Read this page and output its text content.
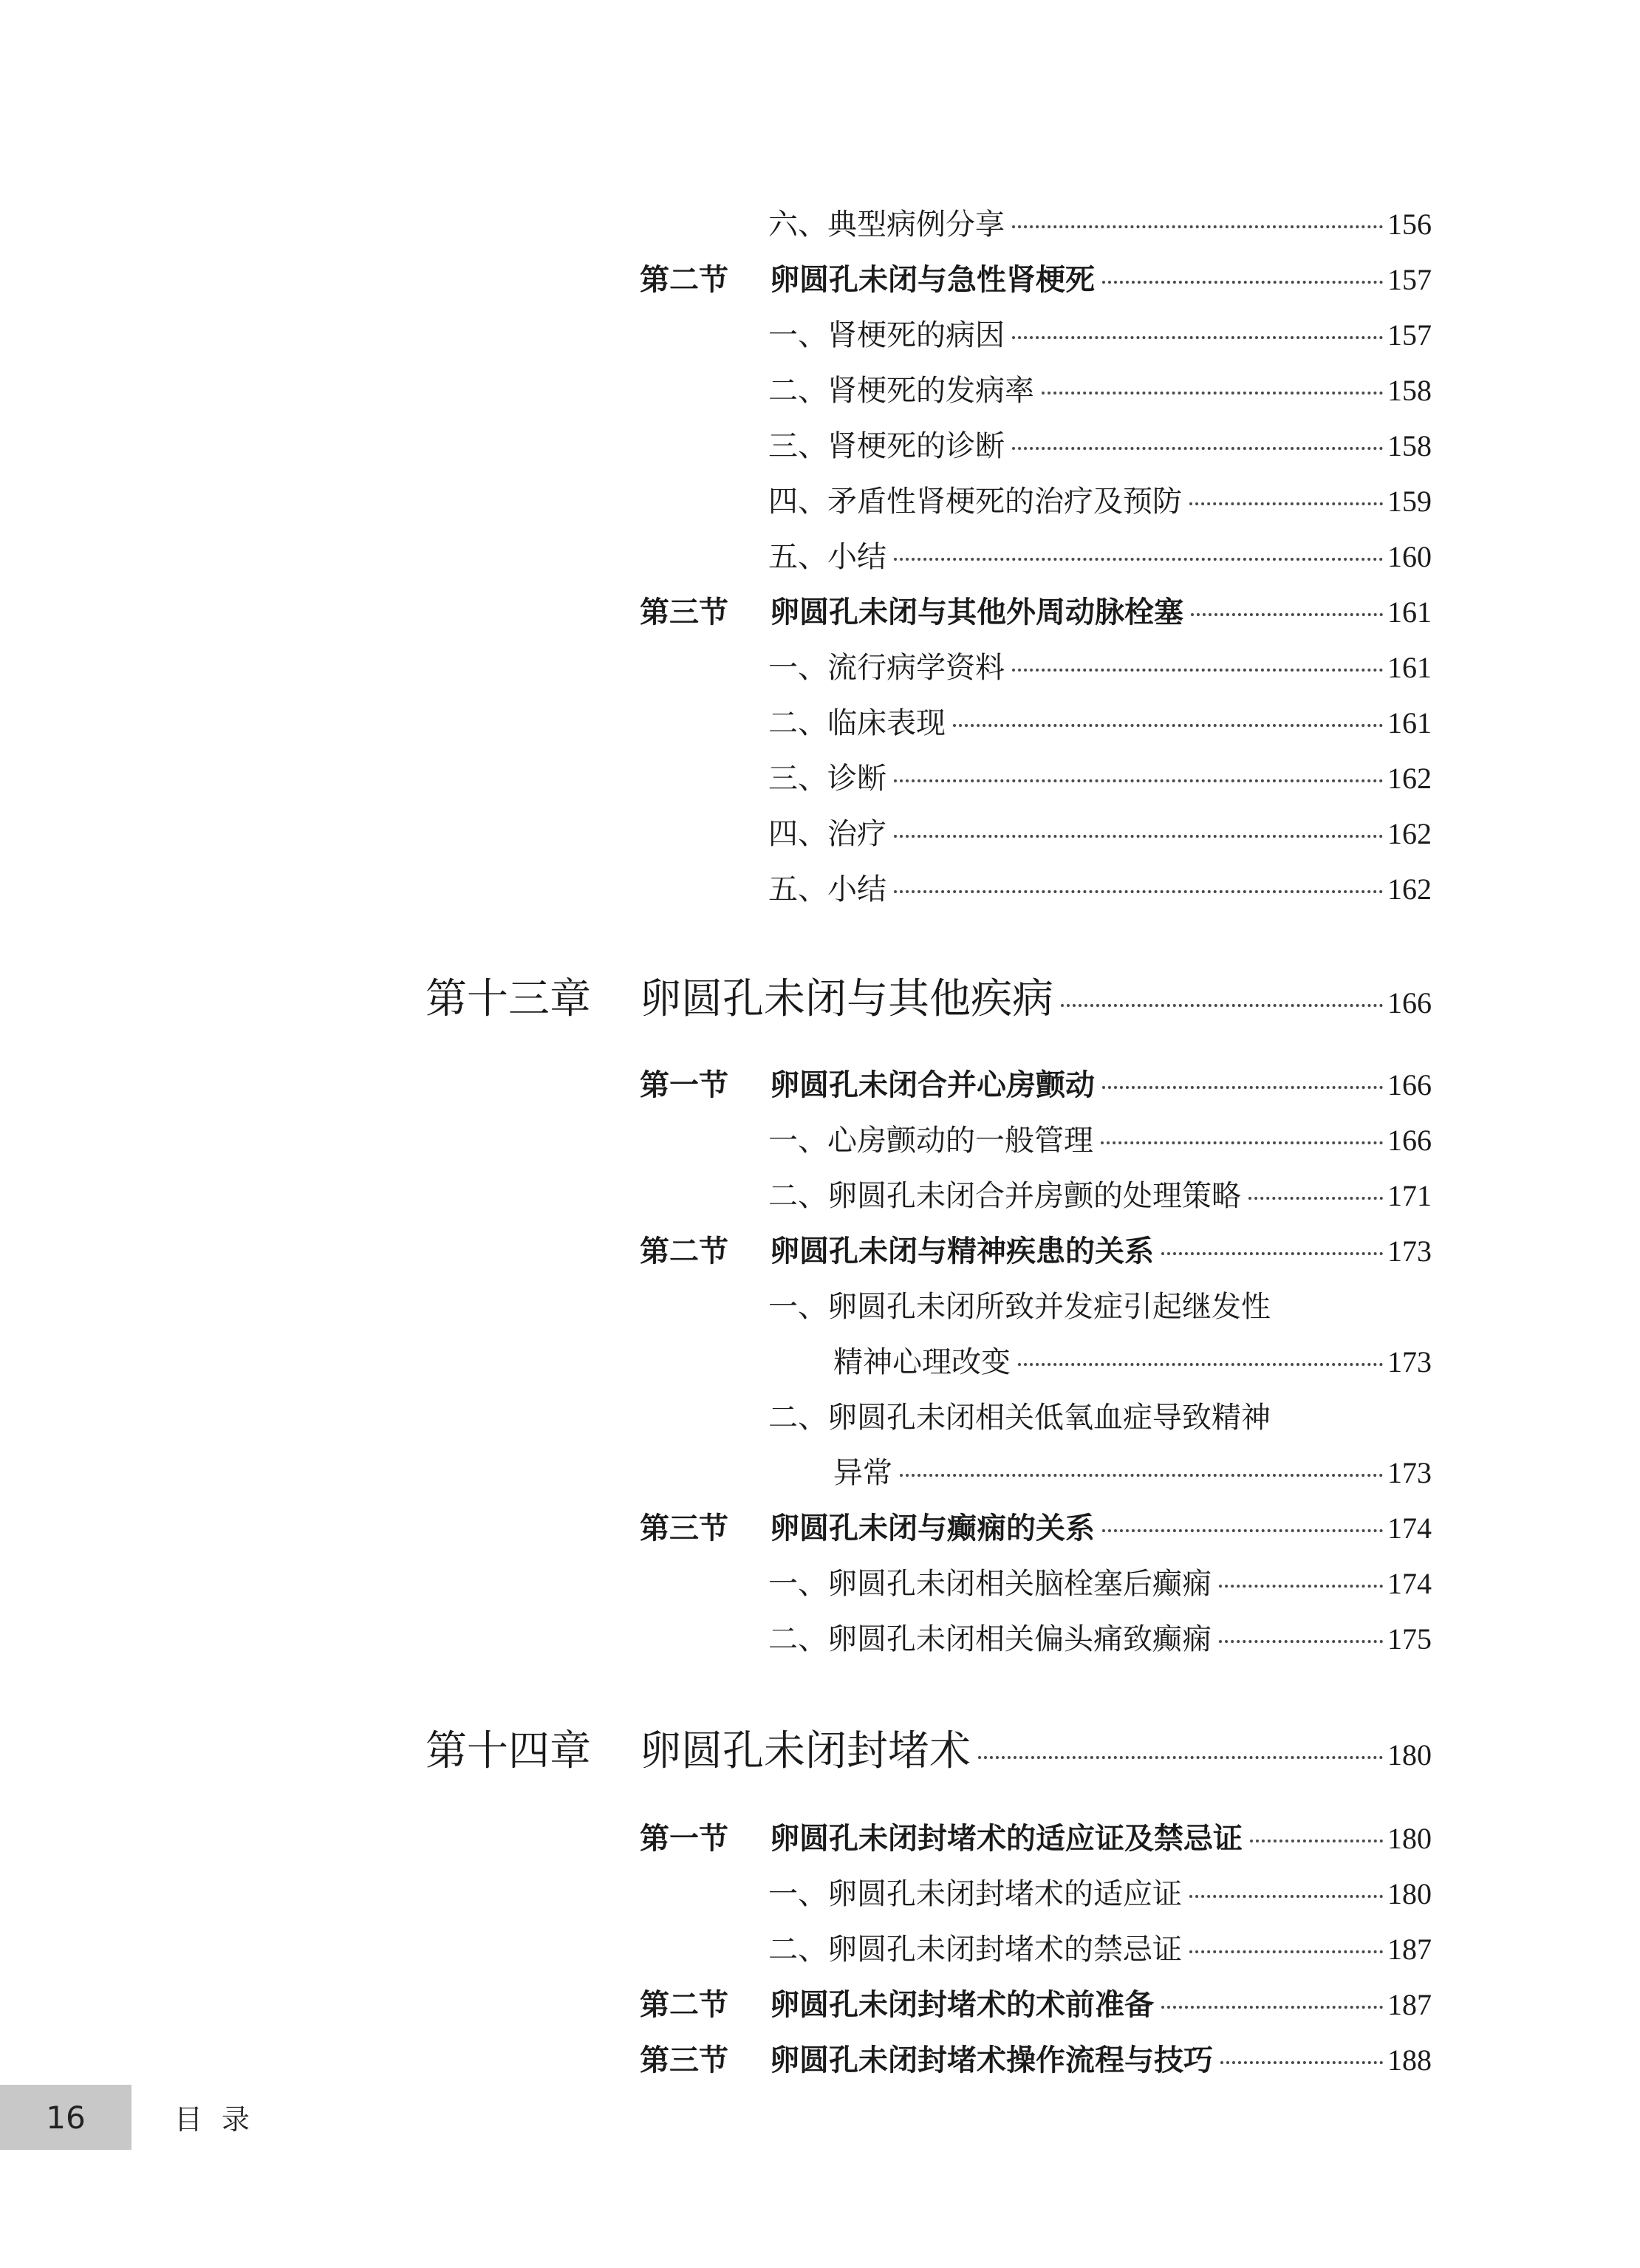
六、典型病例分享	156
第二节 卵圆孔未闭与急性肾梗死	157
一、肾梗死的病因	157
二、肾梗死的发病率	158
三、肾梗死的诊断	158
四、矛盾性肾梗死的治疗及预防	159
五、小结	160
第三节 卵圆孔未闭与其他外周动脉栓塞	161
一、流行病学资料	161
二、临床表现	161
三、诊断	162
四、治疗	162
五、小结	162
第十三章 卵圆孔未闭与其他疾病	166
第一节 卵圆孔未闭合并心房颤动	166
一、心房颤动的一般管理	166
二、卵圆孔未闭合并房颤的处理策略	171
第二节 卵圆孔未闭与精神疾患的关系	173
一、卵圆孔未闭所致并发症引起继发性
精神心理改变	173
二、卵圆孔未闭相关低氧血症导致精神
异常	173
第三节 卵圆孔未闭与癫痫的关系	174
一、卵圆孔未闭相关脑栓塞后癫痫	174
二、卵圆孔未闭相关偏头痛致癫痫	175
第十四章 卵圆孔未闭封堵术	180
第一节 卵圆孔未闭封堵术的适应证及禁忌证	180
一、卵圆孔未闭封堵术的适应证	180
二、卵圆孔未闭封堵术的禁忌证	187
第二节 卵圆孔未闭封堵术的术前准备	187
第三节 卵圆孔未闭封堵术操作流程与技巧	188
16	目录
